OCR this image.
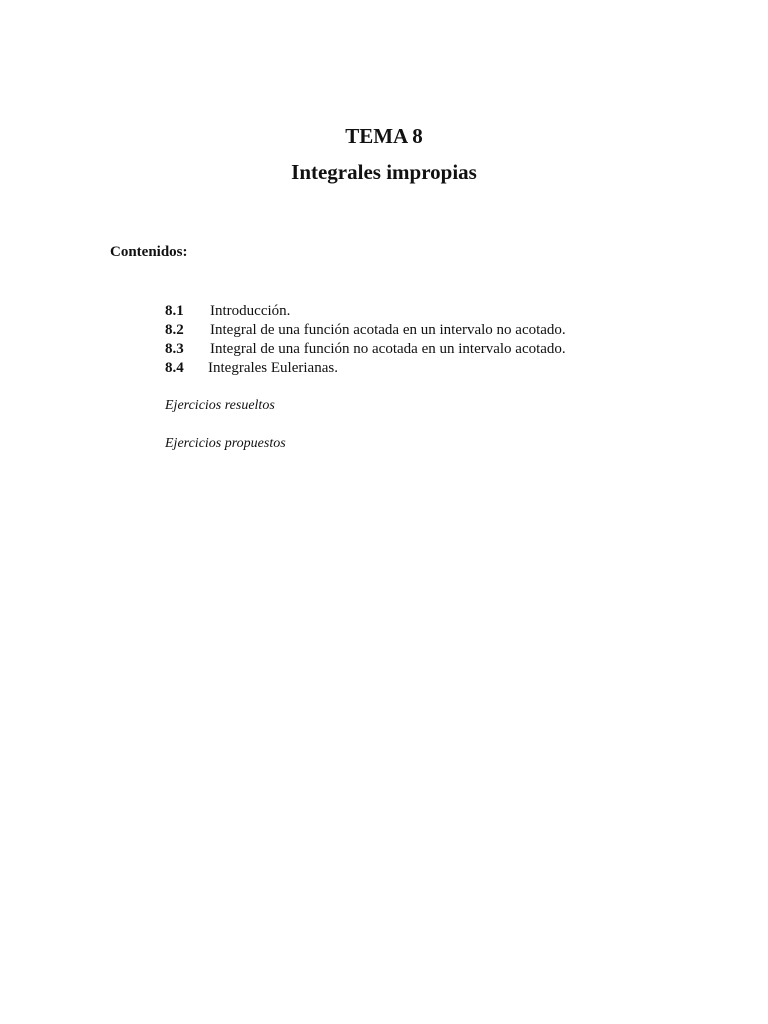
TEMA 8
Integrales impropias
Contenidos:
8.1 Introducción.
8.2 Integral de una función acotada en un intervalo no acotado.
8.3 Integral de una función no acotada en un intervalo acotado.
8.4 Integrales Eulerianas.
Ejercicios resueltos
Ejercicios propuestos
